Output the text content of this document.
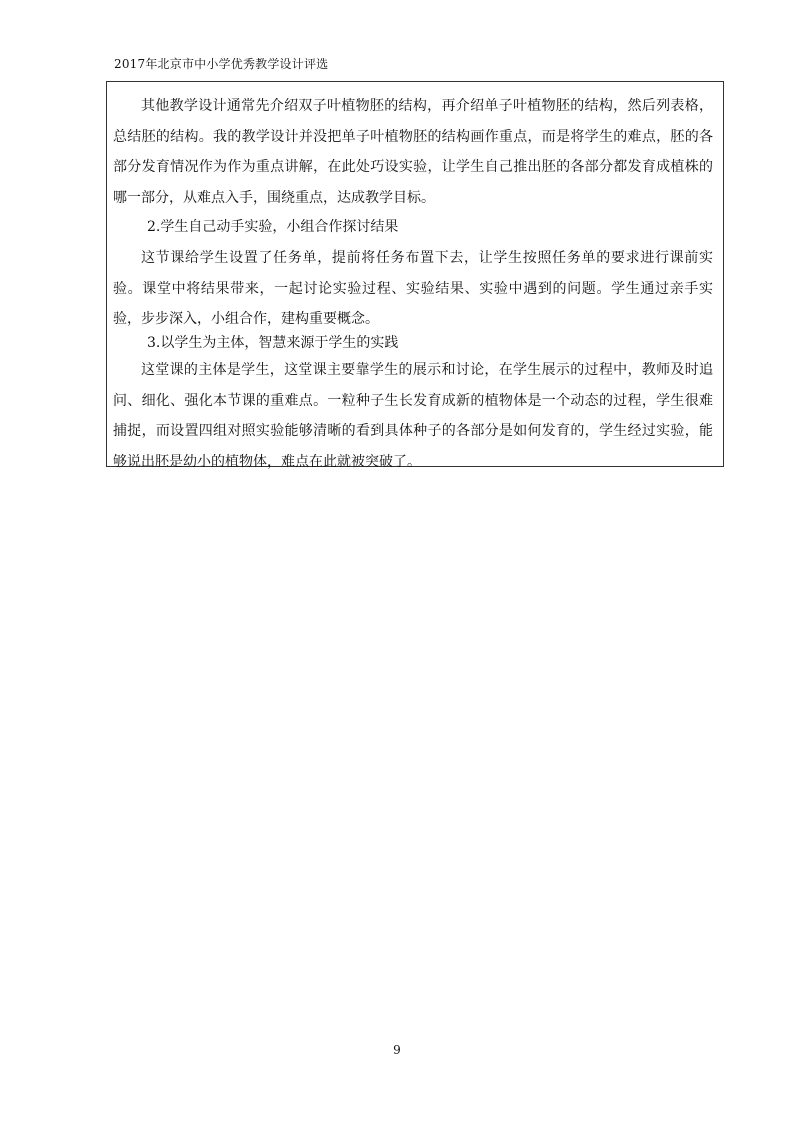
2017年北京市中小学优秀教学设计评选

其他教学设计通常先介绍双子叶植物胚的结构，再介绍单子叶植物胚的结构，然后列表格，总结胚的结构。我的教学设计并没把单子叶植物胚的结构画作重点，而是将学生的难点，胚的各部分发育情况作为作为重点讲解，在此处巧设实验，让学生自己推出胚的各部分都发育成植株的哪一部分，从难点入手，围绕重点，达成教学目标。

2.学生自己动手实验，小组合作探讨结果

这节课给学生设置了任务单，提前将任务布置下去，让学生按照任务单的要求进行课前实验。课堂中将结果带来，一起讨论实验过程、实验结果、实验中遇到的问题。学生通过亲手实验，步步深入，小组合作，建构重要概念。

3.以学生为主体，智慧来源于学生的实践

这堂课的主体是学生，这堂课主要靠学生的展示和讨论，在学生展示的过程中，教师及时追问、细化、强化本节课的重难点。一粒种子生长发育成新的植物体是一个动态的过程，学生很难捕捉，而设置四组对照实验能够清晰的看到具体种子的各部分是如何发育的，学生经过实验，能够说出胚是幼小的植物体，难点在此就被突破了。

9
